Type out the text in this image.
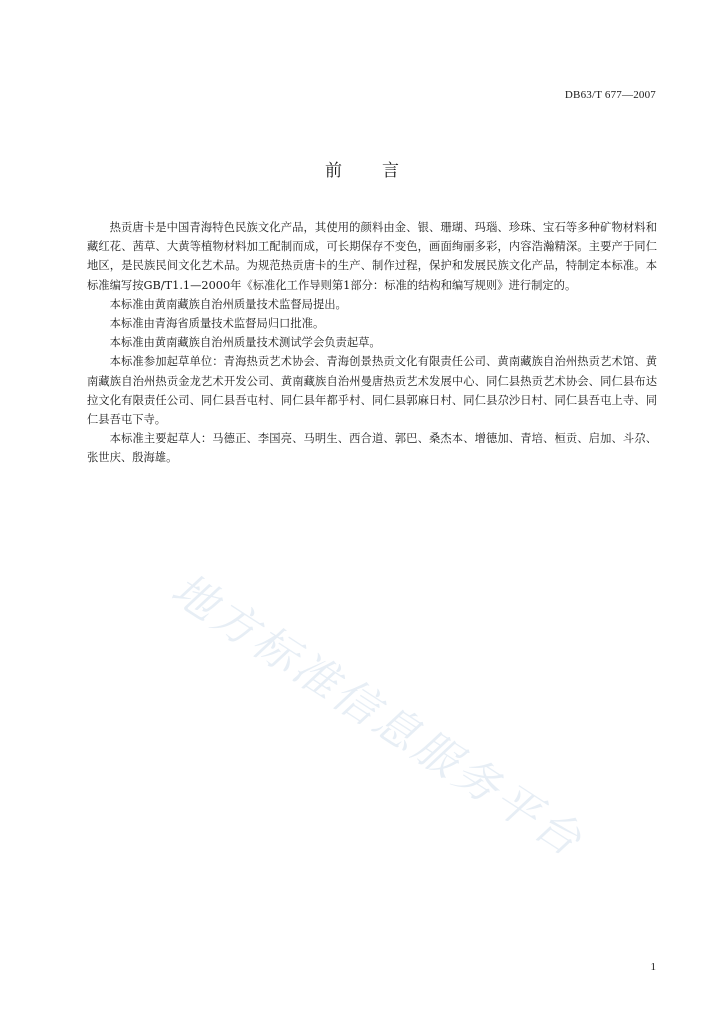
DB63/T 677—2007
前言

热贡唐卡是中国青海特色民族文化产品，其使用的颜料由金、银、珊瑚、玛瑙、珍珠、宝石等多种矿物材料和藏红花、茜草、大黄等植物材料加工配制而成，可长期保存不变色，画面绚丽多彩，内容浩瀚精深。主要产于同仁地区，是民族民间文化艺术品。为规范热贡唐卡的生产、制作过程，保护和发展民族文化产品，特制定本标准。本标准编写按GB/T1.1—2000年《标准化工作导则第1部分：标准的结构和编写规则》进行制定的。

本标准由黄南藏族自治州质量技术监督局提出。

本标准由青海省质量技术监督局归口批准。

本标准由黄南藏族自治州质量技术测试学会负责起草。

本标准参加起草单位：青海热贡艺术协会、青海创景热贡文化有限责任公司、黄南藏族自治州热贡艺术馆、黄南藏族自治州热贡金龙艺术开发公司、黄南藏族自治州曼唐热贡艺术发展中心、同仁县热贡艺术协会、同仁县布达拉文化有限责任公司、同仁县吾屯村、同仁县年都乎村、同仁县郭麻日村、同仁县尕沙日村、同仁县吾屯上寺、同仁县吾屯下寺。

本标准主要起草人：马德正、李国亮、马明生、西合道、郭巴、桑杰本、增德加、青培、桓贡、启加、斗尕、张世庆、殷海雄。

地方标准信息服务平台
1
